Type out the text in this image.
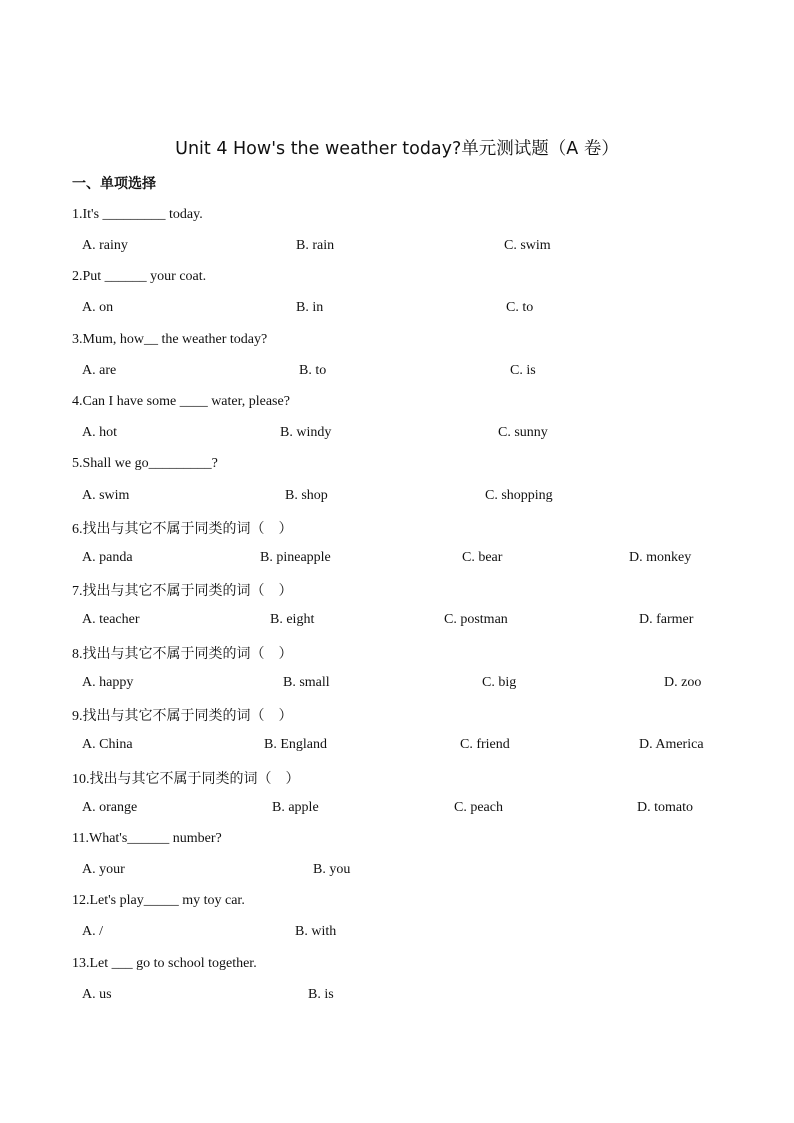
Unit 4 How's the weather today?单元测试题（A 卷）
一、单项选择
1.It's _________ today.
A. rainy	B. rain	C. swim
2.Put ______ your coat.
A. on	B. in	C. to
3.Mum, how__ the weather today?
A. are	B. to	C. is
4.Can I have some ____ water, please?
A. hot	B. windy	C. sunny
5.Shall we go_________?
A. swim	B. shop	C. shopping
6.找出与其它不属于同类的词（    ）
A. panda	B. pineapple	C. bear	D. monkey
7.找出与其它不属于同类的词（    ）
A. teacher	B. eight	C. postman	D. farmer
8.找出与其它不属于同类的词（    ）
A. happy	B. small	C. big	D. zoo
9.找出与其它不属于同类的词（    ）
A. China	B. England	C. friend	D. America
10.找出与其它不属于同类的词（    ）
A. orange	B. apple	C. peach	D. tomato
11.What's______ number?
A. your	B. you
12.Let's play_____ my toy car.
A. /	B. with
13.Let ___ go to school together.
A. us	B. is
